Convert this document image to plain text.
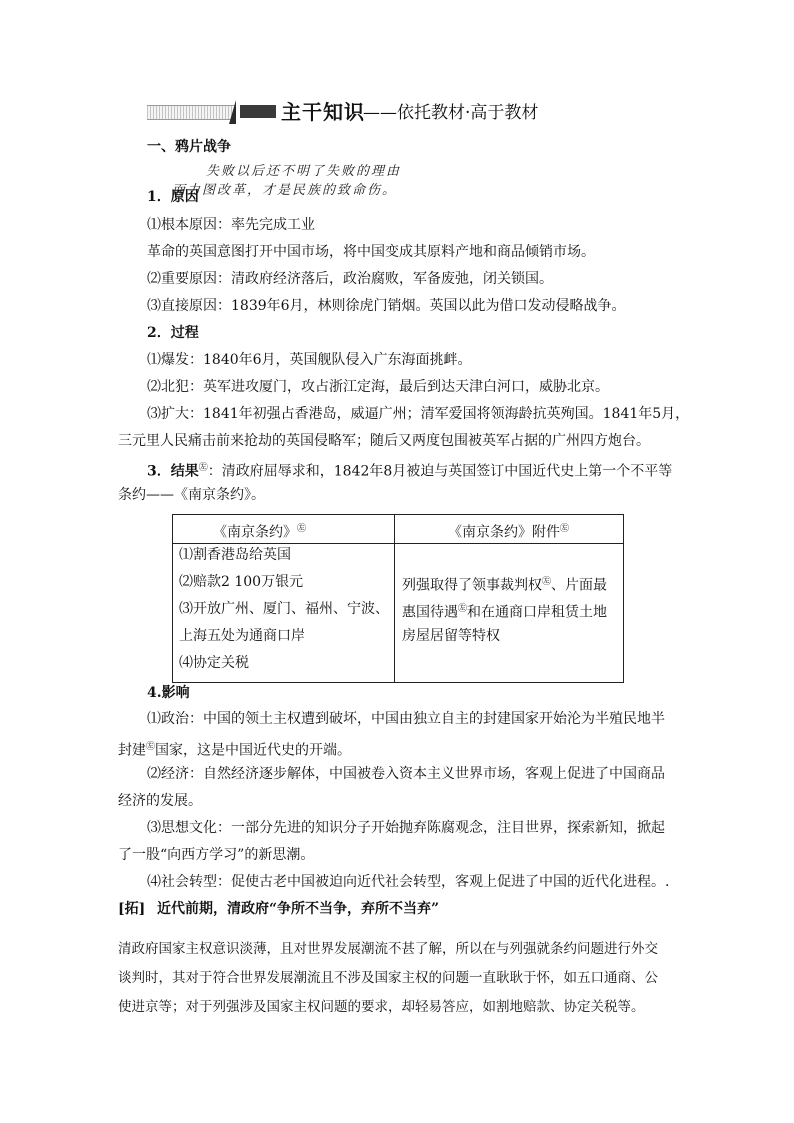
主干知识
——依托教材·高于教材
一、鸦片战争
失败以后还不明了失败的理由
而力图改革，才是民族的致命伤。
1．原因
⑴根本原因：率先完成工业
革命的英国意图打开中国市场，将中国变成其原料产地和商品倾销市场。
⑵重要原因：清政府经济落后，政治腐败，军备废弛，闭关锁国。
⑶直接原因：1839年6月，林则徐虎门销烟。英国以此为借口发动侵略战争。
2．过程
⑴爆发：1840年6月，英国舰队侵入广东海面挑衅。
⑵北犯：英军进攻厦门，攻占浙江定海，最后到达天津白河口，威胁北京。
⑶扩大：1841年初强占香港岛，威逼广州；清军爱国将领海龄抗英殉国。1841年5月，
三元里人民痛击前来抢劫的英国侵略军；随后又两度包围被英军占据的广州四方炮台。
3．结果㊧：清政府屈辱求和，1842年8月被迫与英国签订中国近代史上第一个不平等
条约——《南京条约》。
《南京条约》㊧	《南京条约》附件㊧
⑴割香港岛给英国
⑵赔款2 100万银元
⑶开放广州、厦门、福州、宁波、
上海五处为通商口岸
⑷协定关税
列强取得了领事裁判权㊧、片面最
惠国待遇㊧和在通商口岸租赁土地
房屋居留等特权
4.影响
⑴政治：中国的领土主权遭到破坏，中国由独立自主的封建国家开始沦为半殖民地半
封建㊧国家，这是中国近代史的开端。
⑵经济：自然经济逐步解体，中国被卷入资本主义世界市场，客观上促进了中国商品
经济的发展。
⑶思想文化：一部分先进的知识分子开始抛弃陈腐观念，注目世界，探索新知，掀起
了一股“向西方学习”的新思潮。
⑷社会转型：促使古老中国被迫向近代社会转型，客观上促进了中国的近代化进程。.
[拓] 近代前期，清政府“争所不当争，弃所不当弃”
清政府国家主权意识淡薄，且对世界发展潮流不甚了解，所以在与列强就条约问题进行外交
谈判时，其对于符合世界发展潮流且不涉及国家主权的问题一直耿耿于怀，如五口通商、公
使进京等；对于列强涉及国家主权问题的要求，却轻易答应，如割地赔款、协定关税等。
